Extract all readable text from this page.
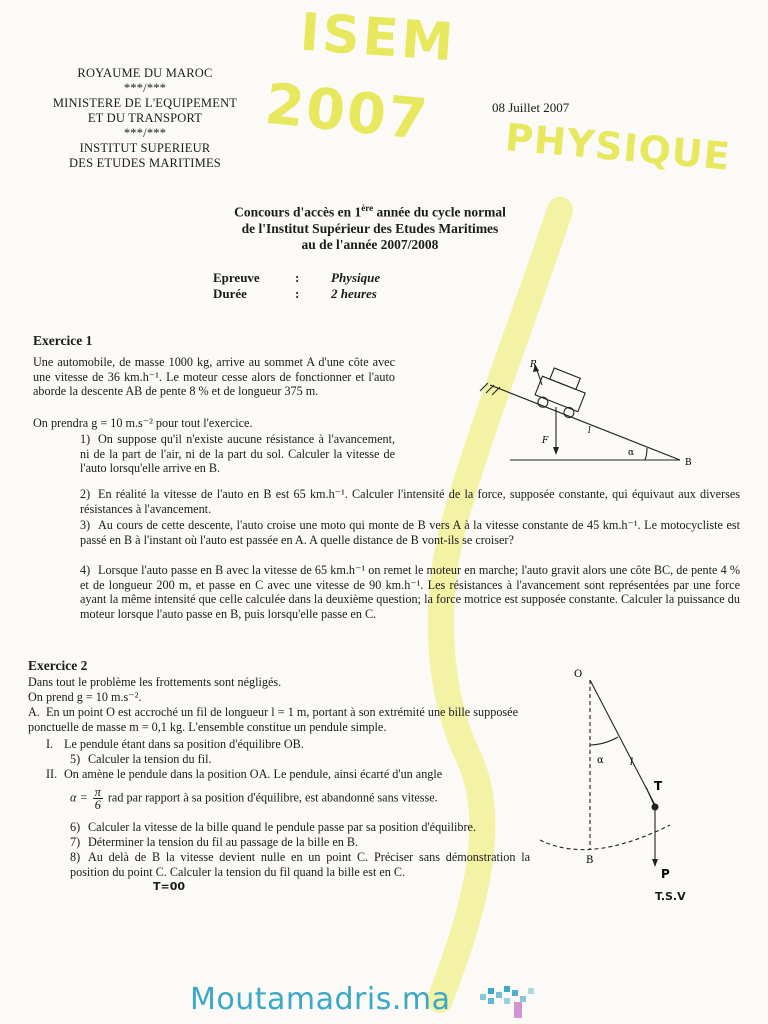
ISEM
2007 PHYSIQUE
ROYAUME DU MAROC
***/***
MINISTERE DE L'EQUIPEMENT
ET DU TRANSPORT
***/***
INSTITUT SUPERIEUR
DES ETUDES MARITIMES
08 Juillet 2007
Concours d'accès en 1ère année du cycle normal
de l'Institut Supérieur des Etudes Maritimes
au de l'année 2007/2008
Epreuve	: Physique
Durée	: 2 heures
Exercice 1
Une automobile, de masse 1000 kg, arrive au sommet A d'une côte avec une vitesse de 36 km.h⁻¹. Le moteur cesse alors de fonctionner et l'auto aborde la descente AB de pente 8 % et de longueur 375 m.
On prendra g = 10 m.s⁻² pour tout l'exercice.
1) On suppose qu'il n'existe aucune résistance à l'avancement, ni de la part de l'air, ni de la part du sol. Calculer la vitesse de l'auto lorsqu'elle arrive en B.
2) En réalité la vitesse de l'auto en B est 65 km.h⁻¹. Calculer l'intensité de la force, supposée constante, qui équivaut aux diverses résistances à l'avancement.
3) Au cours de cette descente, l'auto croise une moto qui monte de B vers A à la vitesse constante de 45 km.h⁻¹. Le motocycliste est passé en B à l'instant où l'auto est passée en A. A quelle distance de B vont-ils se croiser?
4) Lorsque l'auto passe en B avec la vitesse de 65 km.h⁻¹ on remet le moteur en marche; l'auto gravit alors une côte BC, de pente 4 % et de longueur 200 m, et passe en C avec une vitesse de 90 km.h⁻¹. Les résistances à l'avancement sont représentées par une force ayant la même intensité que celle calculée dans la deuxième question; la force motrice est supposée constante. Calculer la puissance du moteur lorsque l'auto passe en B, puis lorsqu'elle passe en C.
R
F
l
α
B
Exercice 2
Dans tout le problème les frottements sont négligés.
On prend g = 10 m.s⁻².
A. En un point O est accroché un fil de longueur l = 1 m, portant à son extrémité une bille supposée ponctuelle de masse m = 0,1 kg. L'ensemble constitue un pendule simple.
I. Le pendule étant dans sa position d'équilibre OB.
5) Calculer la tension du fil.
II. On amène le pendule dans la position OA. Le pendule, ainsi écarté d'un angle
$\alpha = \frac{\pi}{6}$ rad par rapport à sa position d'équilibre, est abandonné sans vitesse.
6) Calculer la vitesse de la bille quand le pendule passe par sa position d'équilibre.
7) Déterminer la tension du fil au passage de la bille en B.
8) Au delà de B la vitesse devient nulle en un point C. Préciser sans démonstration la position du point C. Calculer la tension du fil quand la bille est en C.
T=00
O
α	l
T
B
P
T.S.V
Moutamadris.ma
